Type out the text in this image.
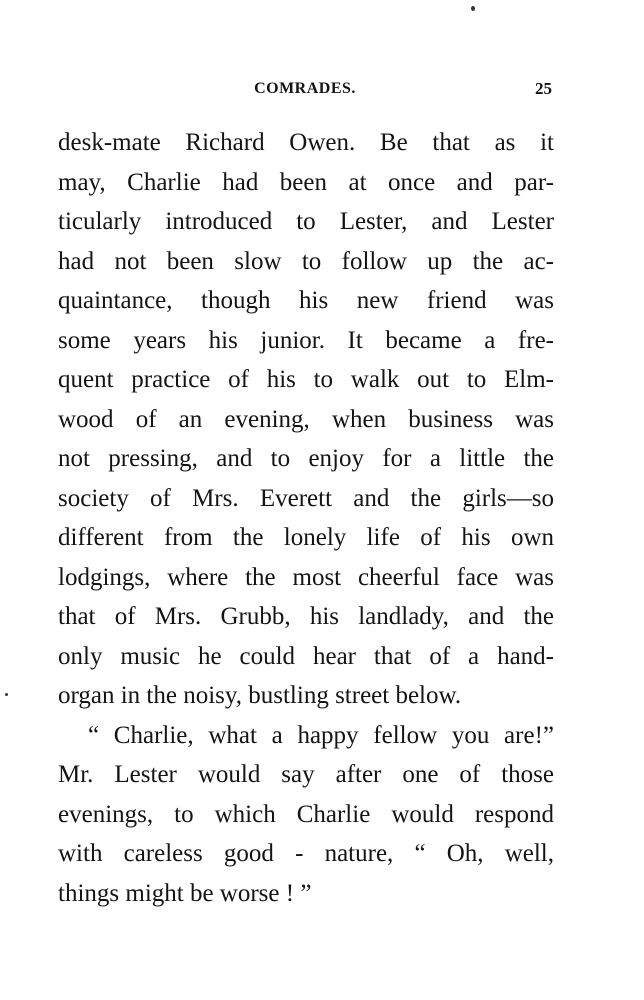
COMRADES.	25
desk-mate Richard Owen. Be that as it
may, Charlie had been at once and par-
ticularly introduced to Lester, and Lester
had not been slow to follow up the ac-
quaintance, though his new friend was
some years his junior. It became a fre-
quent practice of his to walk out to Elm-
wood of an evening, when business was
not pressing, and to enjoy for a little the
society of Mrs. Everett and the girls—so
different from the lonely life of his own
lodgings, where the most cheerful face was
that of Mrs. Grubb, his landlady, and the
only music he could hear that of a hand-
organ in the noisy, bustling street below.
“ Charlie, what a happy fellow you are!”
Mr. Lester would say after one of those
evenings, to which Charlie would respond
with careless good - nature, “ Oh, well,
things might be worse ! ”
